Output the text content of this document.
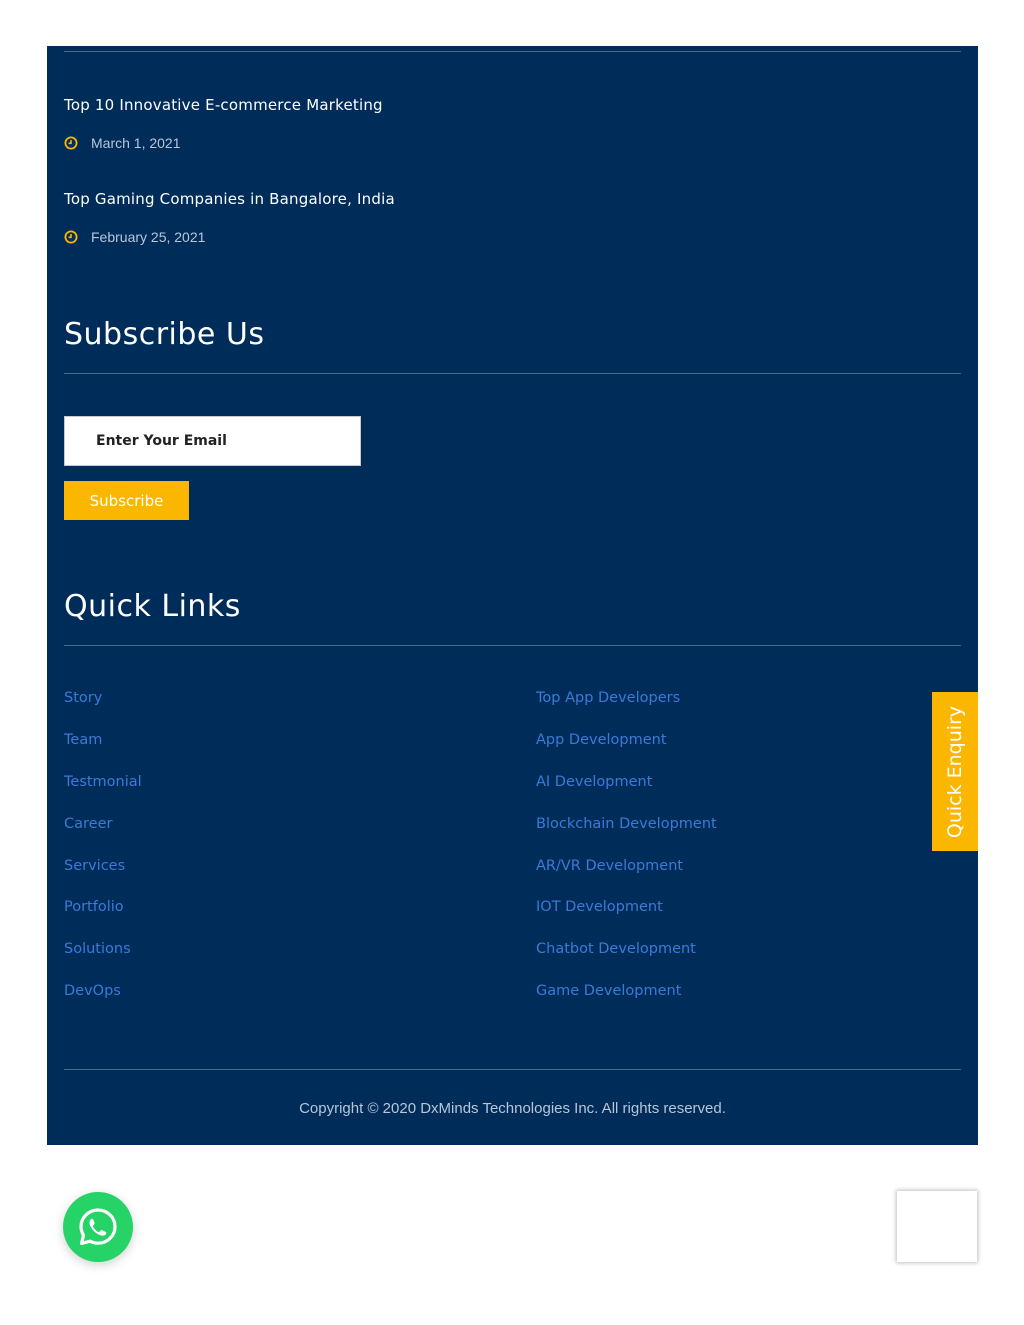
Top 10 Innovative E-commerce Marketing
March 1, 2021
Top Gaming Companies in Bangalore, India
February 25, 2021
Subscribe Us
Enter Your Email
Subscribe
Quick Links
Story
Team
Testmonial
Career
Services
Portfolio
Solutions
DevOps
Top App Developers
App Development
AI Development
Blockchain Development
AR/VR Development
IOT Development
Chatbot Development
Game Development
Copyright © 2020 DxMinds Technologies Inc. All rights reserved.
Quick Enquiry
